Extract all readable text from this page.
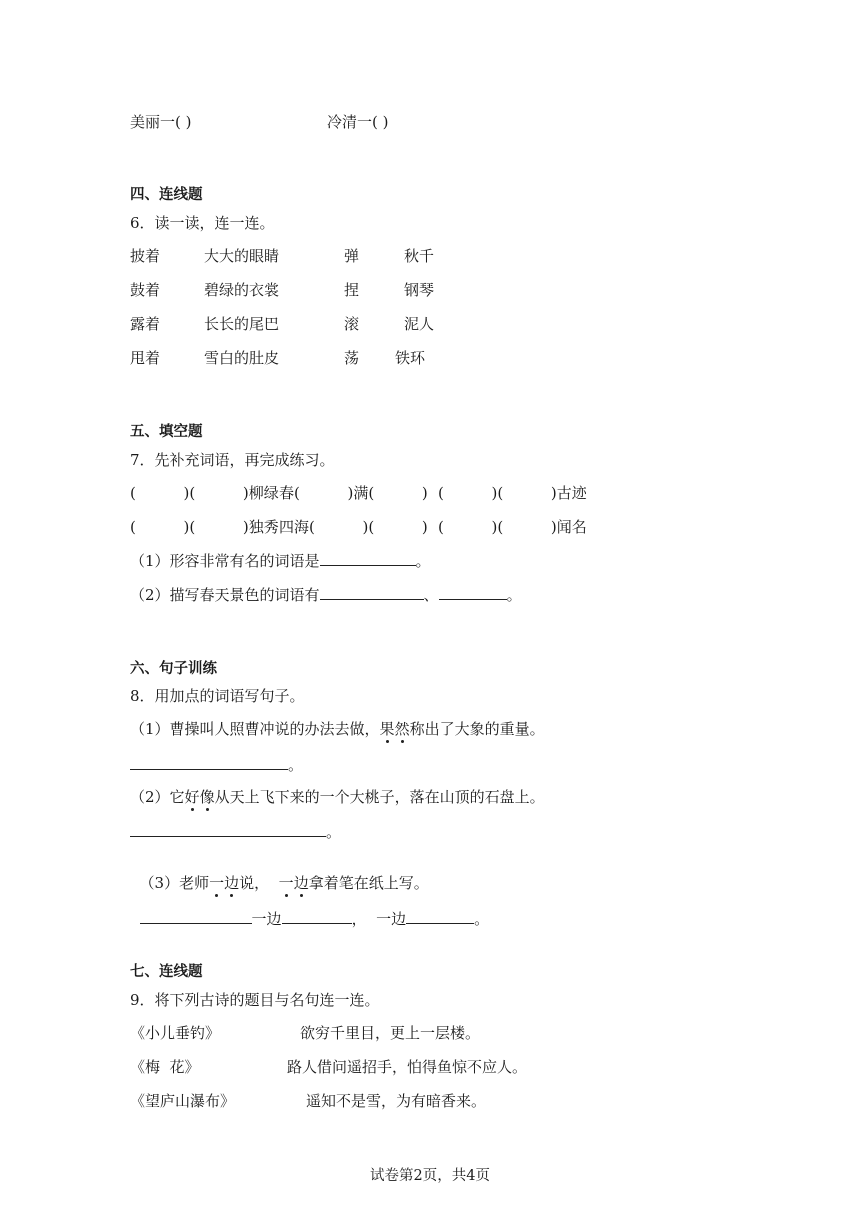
美丽一( )	冷清一( )
四、连线题
6．读一读，连一连。
披着	大大的眼睛	弹	秋千
鼓着	碧绿的衣裳	捏	钢琴
露着	长长的尾巴	滚	泥人
甩着	雪白的肚皮	荡 铁环
五、填空题
7．先补充词语，再完成练习。
(          )(          )柳绿 春(          )满(          ) (          )(          )古迹
(          )(          )独秀 四海(          )(          ) (          )(          )闻名
（1）形容非常有名的词语是	。
（2）描写春天景色的词语有	、	。
六、句子训练
8．用加点的词语写句子。
（1）曹操叫人照曹冲说的办法去做，果然称出了大象的重量。
。
（2）它好像从天上飞下来的一个大桃子，落在山顶的石盘上。
。

（3）老师一边说，  一边拿着笔在纸上写。

一边	，  一边	。

七、连线题
9．将下列古诗的题目与名句连一连。
《小儿垂钓》	欲穷千里目，更上一层楼。
《梅  花》	路人借问遥招手，怕得鱼惊不应人。
《望庐山瀑布》	遥知不是雪，为有暗香来。
试卷第2页，共4页
